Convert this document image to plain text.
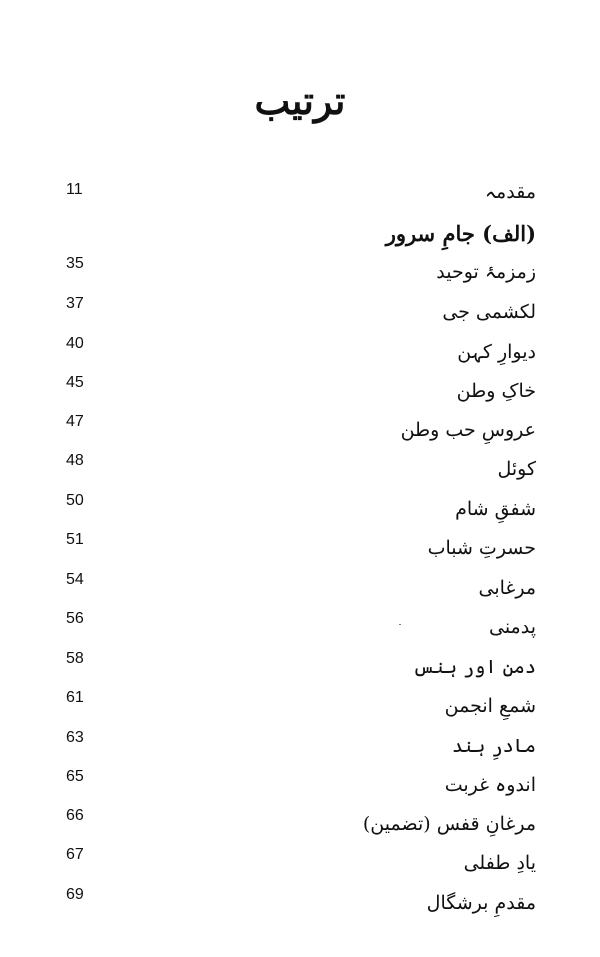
ترتیب
مقدمہ
11
(الف) جامِ سرور
زمزمۂ توحید
35
لکشمی جی
37
دیوارِ کہن
40
خاکِ وطن
45
عروسِ حب وطن
47
کوئل
48
شفقِ شام
50
حسرتِ شباب
51
مرغابی
54
پدمنی
56
دمن اور ہنس
58
شمعِ انجمن
61
مادرِ ہند
63
اندوہ غربت
65
مرغانِ قفس (تضمین)
66
یادِ طفلی
67
مقدمِ برشگال
69
